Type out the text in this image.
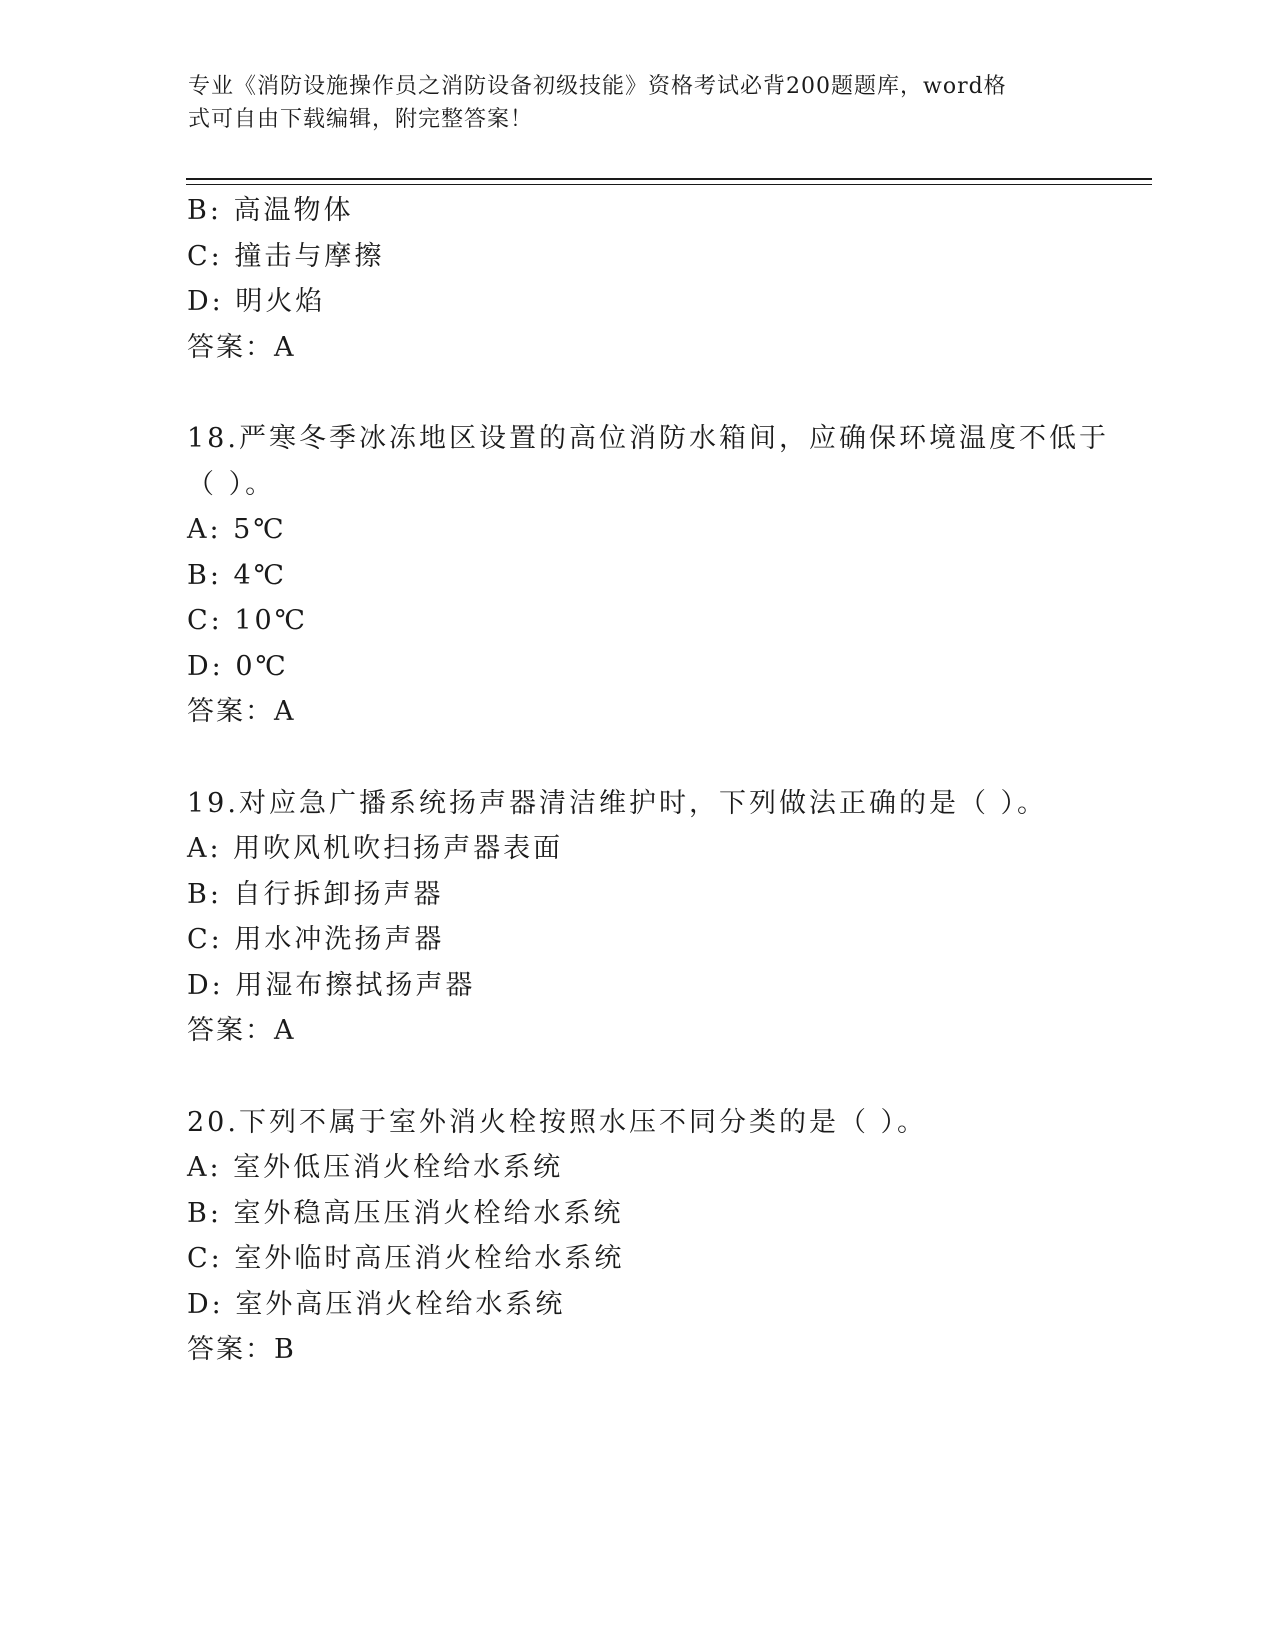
专业《消防设施操作员之消防设备初级技能》资格考试必背200题题库，word格
式可自由下载编辑，附完整答案！
B: 高温物体
C: 撞击与摩擦
D: 明火焰
答案：A
18.严寒冬季冰冻地区设置的高位消防水箱间，应确保环境温度不低于
（ ）。
A: 5℃
B: 4℃
C: 10℃
D: 0℃
答案：A
19.对应急广播系统扬声器清洁维护时，下列做法正确的是（ ）。
A: 用吹风机吹扫扬声器表面
B: 自行拆卸扬声器
C: 用水冲洗扬声器
D: 用湿布擦拭扬声器
答案：A
20.下列不属于室外消火栓按照水压不同分类的是（ ）。
A: 室外低压消火栓给水系统
B: 室外稳高压压消火栓给水系统
C: 室外临时高压消火栓给水系统
D: 室外高压消火栓给水系统
答案：B
